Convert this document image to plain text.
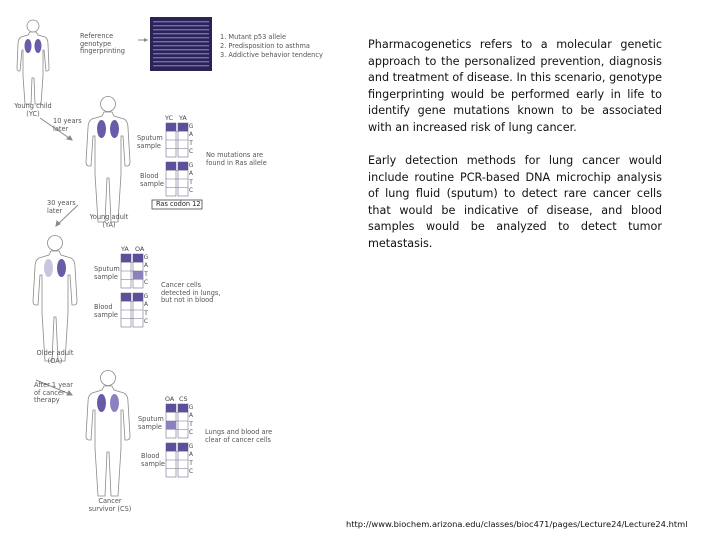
Pharmacogenetics refers to a molecular genetic approach to the personalized prevention, diagnosis and treatment of disease. In this scenario, genotype fingerprinting would be performed early in life to identify gene mutations known to be associated with an increased risk of lung cancer.
Early detection methods for lung cancer would include routine PCR-based DNA microchip analysis of lung fluid (sputum) to detect rare cancer cells that would be indicative of disease, and blood samples would be analyzed to detect tumor metastasis.
http://www.biochem.arizona.edu/classes/bioc471/pages/Lecture24/Lecture24.html
Reference
genotype
fingerprinting
1. Mutant p53 allele
2. Predisposition to asthma
3. Addictive behavior tendency
Young child
(YC)
10 years
later
YC YA
Sputum
sample
Blood
sample
G
A
T
C
G
A
T
C
No mutations are
found in Ras allele
Ras codon 12
Young adult
(YA)
30 years
later
YA OA
Sputum
sample
Blood
sample
G
A
T
C
G
A
T
C
Cancer cells
detected in lungs,
but not in blood
Older adult
(OA)
After 1 year
of cancer
therapy	OA CS
Sputum
sample
Blood
sample
G
A
T
C
G
A
T
C
Lungs and blood are
clear of cancer cells
Cancer
survivor (CS)
